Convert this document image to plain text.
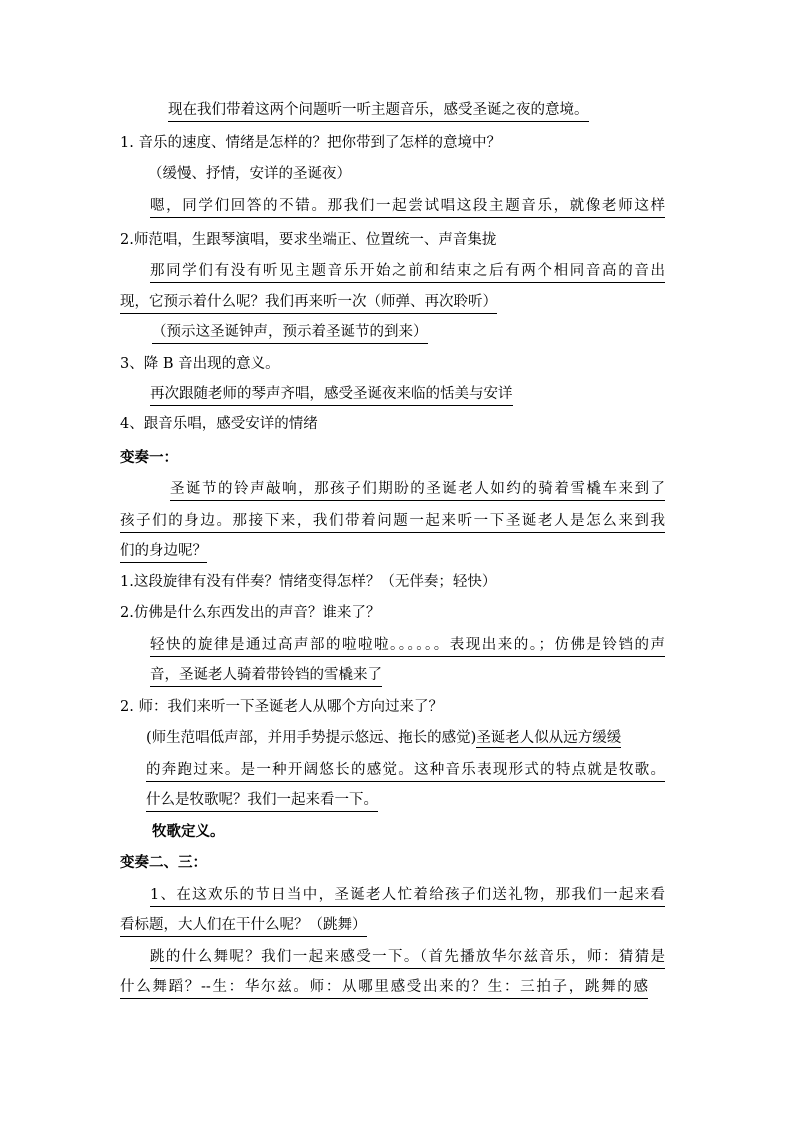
现在我们带着这两个问题听一听主题音乐，感受圣诞之夜的意境。
1. 音乐的速度、情绪是怎样的？把你带到了怎样的意境中？
（缓慢、抒情，安详的圣诞夜）
嗯，同学们回答的不错。那我们一起尝试唱这段主题音乐，就像老师这样
2.师范唱，生跟琴演唱，要求坐端正、位置统一、声音集拢
那同学们有没有听见主题音乐开始之前和结束之后有两个相同音高的音出
现，它预示着什么呢？我们再来听一次（师弹、再次聆听）
（预示这圣诞钟声，预示着圣诞节的到来）
3、降 B 音出现的意义。
再次跟随老师的琴声齐唱，感受圣诞夜来临的恬美与安详
4、跟音乐唱，感受安详的情绪
变奏一：
圣诞节的铃声敲响，那孩子们期盼的圣诞老人如约的骑着雪橇车来到了
孩子们的身边。那接下来，我们带着问题一起来听一下圣诞老人是怎么来到我
们的身边呢？
1.这段旋律有没有伴奏？情绪变得怎样？（无伴奏；轻快）
2.仿佛是什么东西发出的声音？谁来了？
轻快的旋律是通过高声部的啦啦啦。。。。。。表现出来的。；仿佛是铃铛的声
音，圣诞老人骑着带铃铛的雪橇来了
2. 师：我们来听一下圣诞老人从哪个方向过来了？
(师生范唱低声部，并用手势提示悠远、拖长的感觉)圣诞老人似从远方缓缓
的奔跑过来。是一种开阔悠长的感觉。这种音乐表现形式的特点就是牧歌。
什么是牧歌呢？我们一起来看一下。
牧歌定义。
变奏二、三：
1、在这欢乐的节日当中，圣诞老人忙着给孩子们送礼物，那我们一起来看
看标题，大人们在干什么呢？（跳舞）
跳的什么舞呢？我们一起来感受一下。（首先播放华尔兹音乐，师：猜猜是
什么舞蹈？--生：华尔兹。师：从哪里感受出来的？生：三拍子，跳舞的感
